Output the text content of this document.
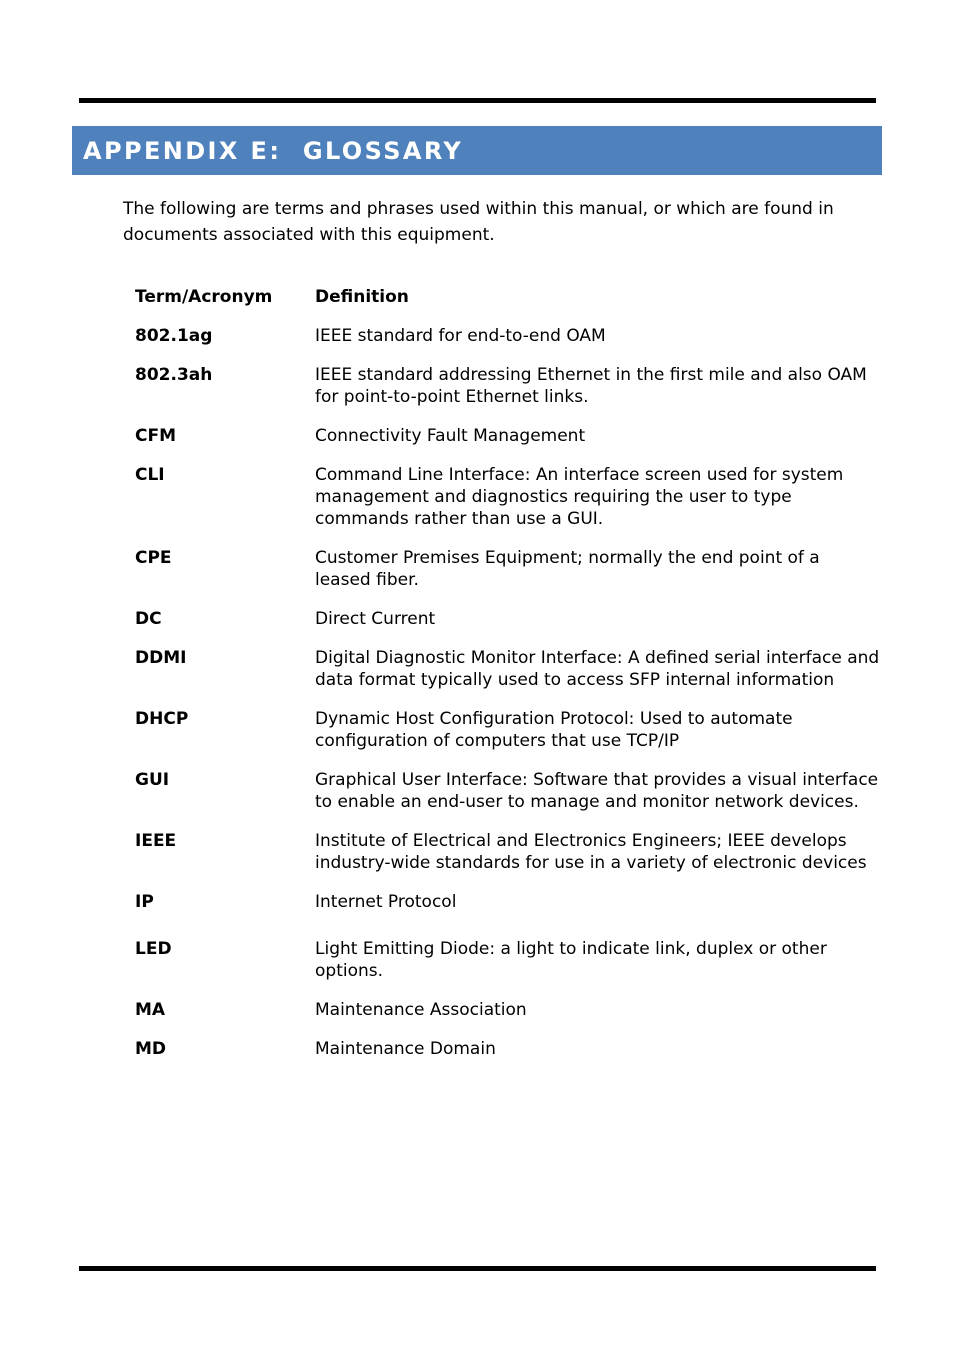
APPENDIX E:  GLOSSARY

The following are terms and phrases used within this manual, or which are found in documents associated with this equipment.

Term/Acronym	Definition
802.1ag	IEEE standard for end-to-end OAM
802.3ah	IEEE standard addressing Ethernet in the first mile and also OAM for point-to-point Ethernet links.
CFM	Connectivity Fault Management
CLI	Command Line Interface: An interface screen used for system management and diagnostics requiring the user to type commands rather than use a GUI.
CPE	Customer Premises Equipment; normally the end point of a leased fiber.
DC	Direct Current
DDMI	Digital Diagnostic Monitor Interface: A defined serial interface and data format typically used to access SFP internal information
DHCP	Dynamic Host Configuration Protocol: Used to automate configuration of computers that use TCP/IP
GUI	Graphical User Interface: Software that provides a visual interface to enable an end-user to manage and monitor network devices.
IEEE	Institute of Electrical and Electronics Engineers; IEEE develops industry-wide standards for use in a variety of electronic devices
IP	Internet Protocol
LED	Light Emitting Diode: a light to indicate link, duplex or other options.
MA	Maintenance Association
MD	Maintenance Domain
